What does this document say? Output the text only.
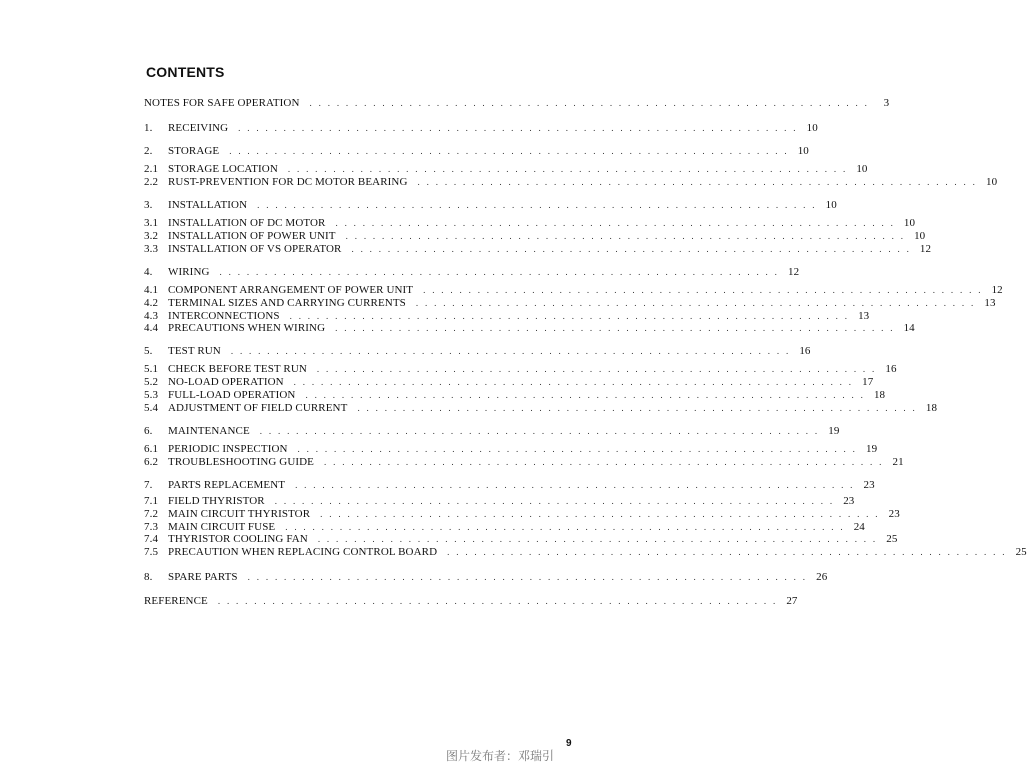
CONTENTS
NOTES FOR SAFE OPERATION . . . . . . . . . . . . . . . . . . . . . . . . . . . . . . . . . . . . . . . . . . . . . . . . . . . . . . . . . . . . . .	3
1.	RECEIVING . . . . . . . . . . . . . . . . . . . . . . . . . . . . . . . . . . . . . . . . . . . . . . . . . . . . . . . . . . . . . . 10
2.	STORAGE . . . . . . . . . . . . . . . . . . . . . . . . . . . . . . . . . . . . . . . . . . . . . . . . . . . . . . . . . . . . . . 10
2.1 STORAGE LOCATION . . . . . . . . . . . . . . . . . . . . . . . . . . . . . . . . . . . . . . . . . . . . . . . . . . . . . . . . . . . . . . 10
2.2 RUST-PREVENTION FOR DC MOTOR BEARING . . . . . . . . . . . . . . . . . . . . . . . . . . . . . . . . . . . . . . . . . . . . . . . . . . . . . . . . . . . . . . 10
3.	INSTALLATION . . . . . . . . . . . . . . . . . . . . . . . . . . . . . . . . . . . . . . . . . . . . . . . . . . . . . . . . . . . . . . 10
3.1 INSTALLATION OF DC MOTOR . . . . . . . . . . . . . . . . . . . . . . . . . . . . . . . . . . . . . . . . . . . . . . . . . . . . . . . . . . . . . . 10
3.2 INSTALLATION OF POWER UNIT . . . . . . . . . . . . . . . . . . . . . . . . . . . . . . . . . . . . . . . . . . . . . . . . . . . . . . . . . . . . . . 10
3.3 INSTALLATION OF VS OPERATOR . . . . . . . . . . . . . . . . . . . . . . . . . . . . . . . . . . . . . . . . . . . . . . . . . . . . . . . . . . . . . . 12
4.	WIRING . . . . . . . . . . . . . . . . . . . . . . . . . . . . . . . . . . . . . . . . . . . . . . . . . . . . . . . . . . . . . . 12
4.1 COMPONENT ARRANGEMENT OF POWER UNIT . . . . . . . . . . . . . . . . . . . . . . . . . . . . . . . . . . . . . . . . . . . . . . . . . . . . . . . . . . . . . . 12
4.2 TERMINAL SIZES AND CARRYING CURRENTS . . . . . . . . . . . . . . . . . . . . . . . . . . . . . . . . . . . . . . . . . . . . . . . . . . . . . . . . . . . . . . 13
4.3 INTERCONNECTIONS . . . . . . . . . . . . . . . . . . . . . . . . . . . . . . . . . . . . . . . . . . . . . . . . . . . . . . . . . . . . . . 13
4.4 PRECAUTIONS WHEN WIRING . . . . . . . . . . . . . . . . . . . . . . . . . . . . . . . . . . . . . . . . . . . . . . . . . . . . . . . . . . . . . . 14
5.	TEST RUN . . . . . . . . . . . . . . . . . . . . . . . . . . . . . . . . . . . . . . . . . . . . . . . . . . . . . . . . . . . . . . 16
5.1 CHECK BEFORE TEST RUN . . . . . . . . . . . . . . . . . . . . . . . . . . . . . . . . . . . . . . . . . . . . . . . . . . . . . . . . . . . . . . 16
5.2 NO-LOAD OPERATION . . . . . . . . . . . . . . . . . . . . . . . . . . . . . . . . . . . . . . . . . . . . . . . . . . . . . . . . . . . . . . 17
5.3 FULL-LOAD OPERATION . . . . . . . . . . . . . . . . . . . . . . . . . . . . . . . . . . . . . . . . . . . . . . . . . . . . . . . . . . . . . . 18
5.4 ADJUSTMENT OF FIELD CURRENT . . . . . . . . . . . . . . . . . . . . . . . . . . . . . . . . . . . . . . . . . . . . . . . . . . . . . . . . . . . . . . 18
6.	MAINTENANCE . . . . . . . . . . . . . . . . . . . . . . . . . . . . . . . . . . . . . . . . . . . . . . . . . . . . . . . . . . . . . . 19
6.1 PERIODIC INSPECTION . . . . . . . . . . . . . . . . . . . . . . . . . . . . . . . . . . . . . . . . . . . . . . . . . . . . . . . . . . . . . . 19
6.2 TROUBLESHOOTING GUIDE . . . . . . . . . . . . . . . . . . . . . . . . . . . . . . . . . . . . . . . . . . . . . . . . . . . . . . . . . . . . . . 21
7.	PARTS REPLACEMENT . . . . . . . . . . . . . . . . . . . . . . . . . . . . . . . . . . . . . . . . . . . . . . . . . . . . . . . . . . . . . . 23
7.1 FIELD THYRISTOR . . . . . . . . . . . . . . . . . . . . . . . . . . . . . . . . . . . . . . . . . . . . . . . . . . . . . . . . . . . . . . 23
7.2 MAIN CIRCUIT THYRISTOR . . . . . . . . . . . . . . . . . . . . . . . . . . . . . . . . . . . . . . . . . . . . . . . . . . . . . . . . . . . . . . 23
7.3 MAIN CIRCUIT FUSE . . . . . . . . . . . . . . . . . . . . . . . . . . . . . . . . . . . . . . . . . . . . . . . . . . . . . . . . . . . . . . 24
7.4 THYRISTOR COOLING FAN . . . . . . . . . . . . . . . . . . . . . . . . . . . . . . . . . . . . . . . . . . . . . . . . . . . . . . . . . . . . . . 25
7.5 PRECAUTION WHEN REPLACING CONTROL BOARD . . . . . . . . . . . . . . . . . . . . . . . . . . . . . . . . . . . . . . . . . . . . . . . . . . . . . . . . . . . . . . 25
8.	SPARE PARTS . . . . . . . . . . . . . . . . . . . . . . . . . . . . . . . . . . . . . . . . . . . . . . . . . . . . . . . . . . . . . . 26
REFERENCE . . . . . . . . . . . . . . . . . . . . . . . . . . . . . . . . . . . . . . . . . . . . . . . . . . . . . . . . . . . . . . 27
9
图片发布者：邓瑞引
